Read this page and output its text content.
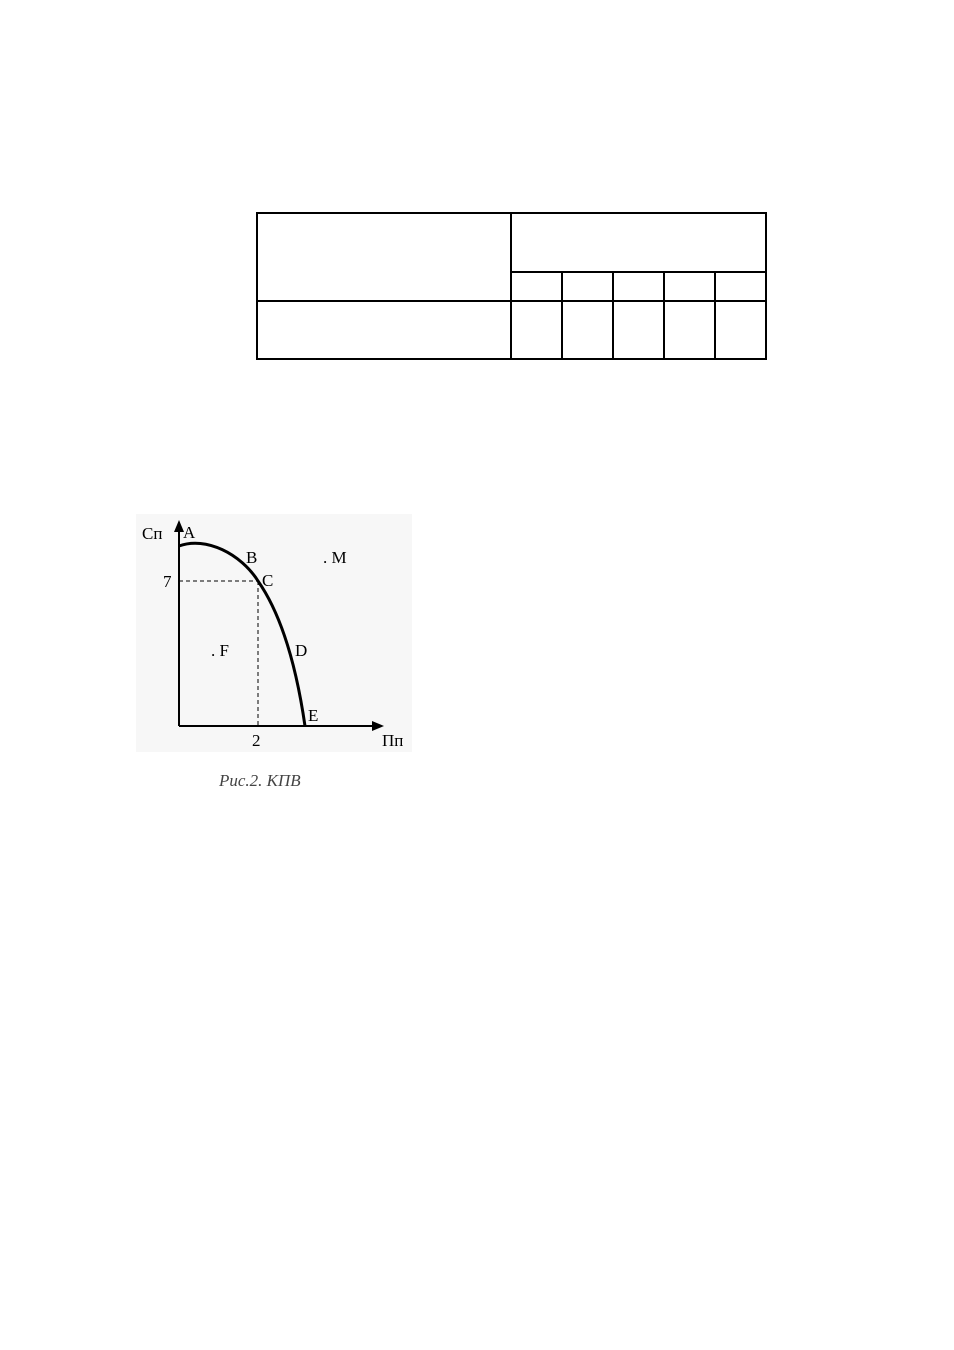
Сп
Пп
7
2
A
B
C
D
E
. F
. M
Рис.2. КПВ
